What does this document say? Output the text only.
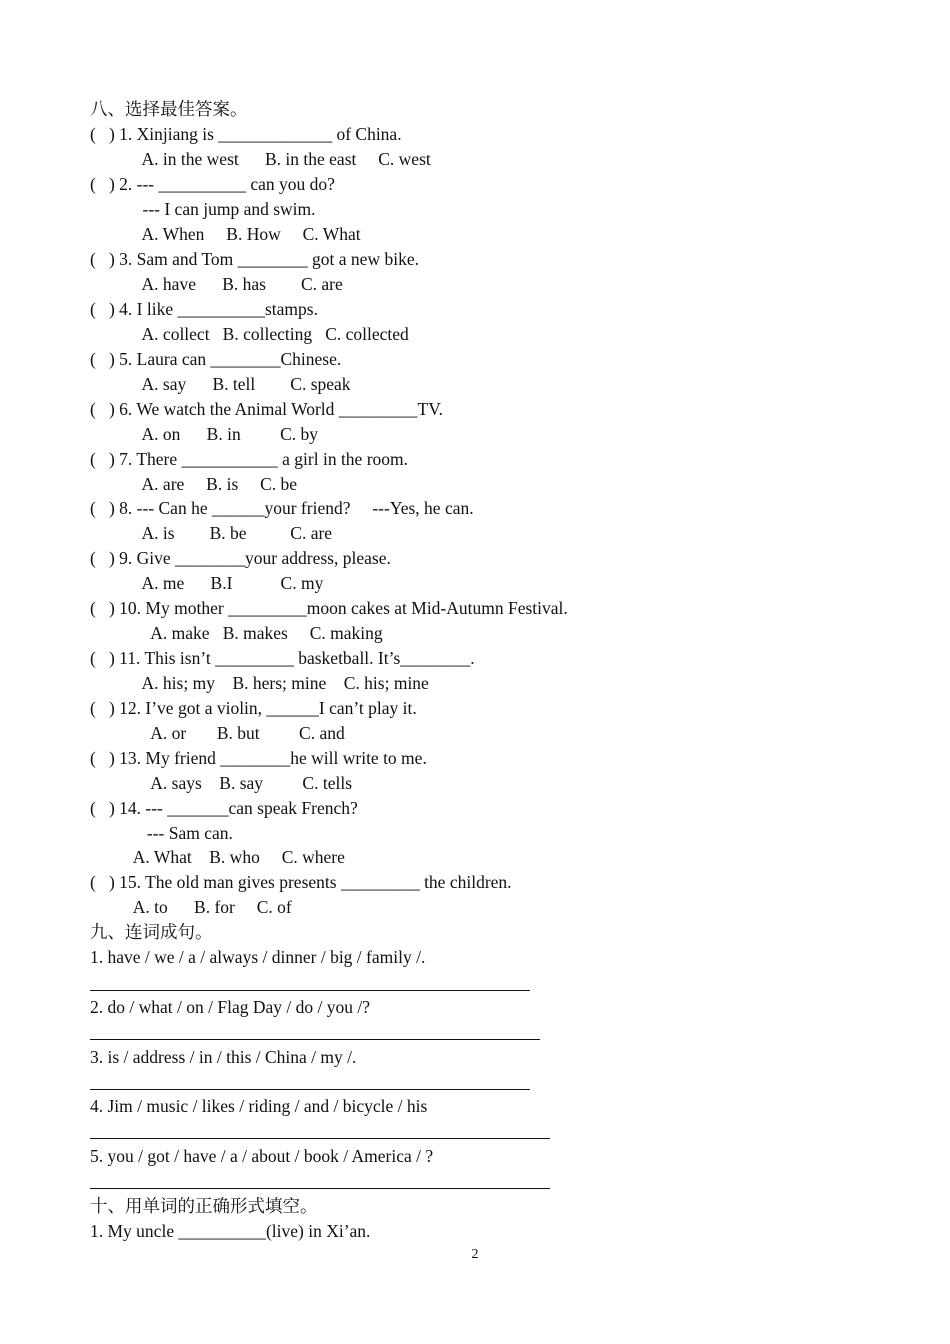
八、选择最佳答案。
(   ) 1. Xinjiang is _____________ of China.
A. in the west      B. in the east     C. west
(   ) 2. --- __________ can you do?
--- I can jump and swim.
A. When     B. How     C. What
(   ) 3. Sam and Tom ________ got a new bike.
A. have      B. has        C. are
(   ) 4. I like __________stamps.
A. collect   B. collecting   C. collected
(   ) 5. Laura can ________Chinese.
A. say      B. tell        C. speak
(   ) 6. We watch the Animal World _________TV.
A. on      B. in         C. by
(   ) 7. There ___________ a girl in the room.
A. are     B. is     C. be
(   ) 8. --- Can he ______your friend?     ---Yes, he can.
A. is        B. be          C. are
(   ) 9. Give ________your address, please.
A. me      B.I           C. my
(   ) 10. My mother _________moon cakes at Mid-Autumn Festival.
A. make   B. makes     C. making
(   ) 11. This isn’t _________ basketball. It’s________.
A. his; my    B. hers; mine    C. his; mine
(   ) 12. I’ve got a violin, ______I can’t play it.
A. or       B. but         C. and
(   ) 13. My friend ________he will write to me.
A. says    B. say         C. tells
(   ) 14. --- _______can speak French?
--- Sam can.
A. What    B. who     C. where
(   ) 15. The old man gives presents _________ the children.
A. to      B. for     C. of
九、连词成句。
1. have / we / a / always / dinner / big / family /.
2. do / what / on / Flag Day / do / you /?
3. is / address / in / this / China / my /.
4. Jim / music / likes / riding / and / bicycle / his
5. you / got / have / a / about / book / America / ?
十、用单词的正确形式填空。
1. My uncle __________(live) in Xi’an.
2
